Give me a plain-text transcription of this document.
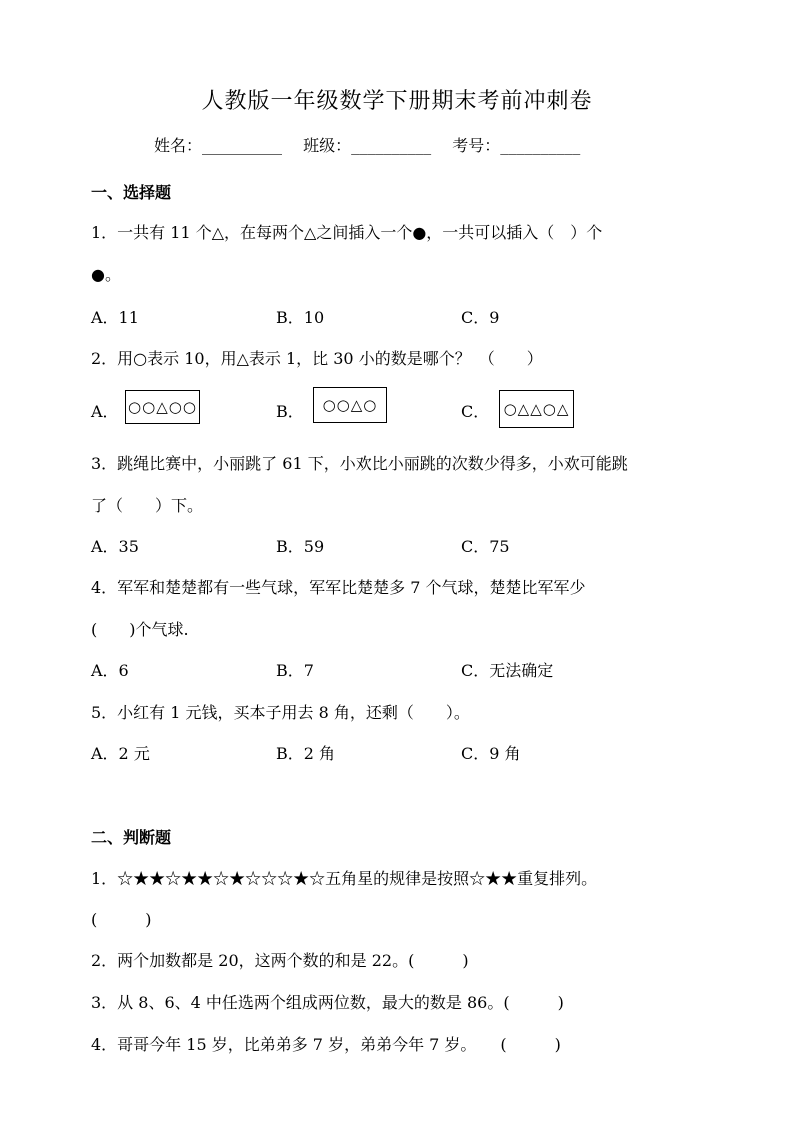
人教版一年级数学下册期末考前冲刺卷
姓名：__________ 班级：__________ 考号：__________
一、选择题
1．一共有 11 个△，在每两个△之间插入一个●，一共可以插入（　）个
●。
A．11	B．10	C．9
2．用○表示 10，用△表示 1，比 30 小的数是哪个？　（　　）
A． ○○△○○	B．	○○△○	C． ○△△○△
3．跳绳比赛中，小丽跳了 61 下，小欢比小丽跳的次数少得多，小欢可能跳
了（　　）下。
A．35	B．59	C．75
4．军军和楚楚都有一些气球，军军比楚楚多 7 个气球，楚楚比军军少
(　　)个气球.
A．6	B．7	C．无法确定
5．小红有 1 元钱，买本子用去 8 角，还剩（　　）。
A．2 元	B．2 角	C．9 角
二、判断题
1．☆★★☆★★☆★☆☆☆★☆五角星的规律是按照☆★★重复排列。
(　　　)
2．两个加数都是 20，这两个数的和是 22。(　　　)
3．从 8、6、4 中任选两个组成两位数，最大的数是 86。(　　　)
4．哥哥今年 15 岁，比弟弟多 7 岁，弟弟今年 7 岁。　　(　　　)
